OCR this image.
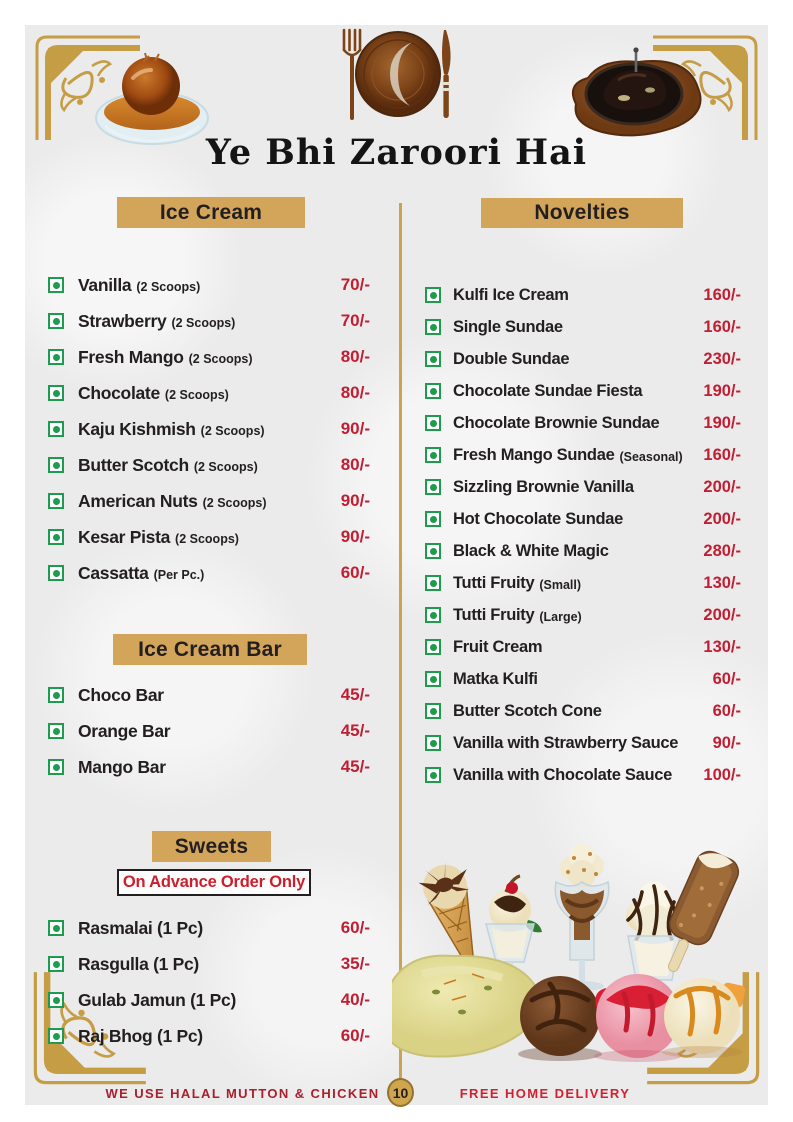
Ye Bhi Zaroori Hai
Ice Cream
Vanilla (2 Scoops)	70/-
Strawberry (2 Scoops)	70/-
Fresh Mango (2 Scoops)	80/-
Chocolate (2 Scoops)	80/-
Kaju Kishmish (2 Scoops)	90/-
Butter Scotch (2 Scoops)	80/-
American Nuts (2 Scoops)	90/-
Kesar Pista (2 Scoops)	90/-
Cassatta (Per Pc.)	60/-
Ice Cream Bar
Choco Bar	45/-
Orange Bar	45/-
Mango Bar	45/-
Sweets
On Advance Order Only
Rasmalai (1 Pc)	60/-
Rasgulla (1 Pc)	35/-
Gulab Jamun (1 Pc)	40/-
Raj Bhog (1 Pc)	60/-
Novelties
Kulfi Ice Cream	160/-
Single Sundae	160/-
Double Sundae	230/-
Chocolate Sundae Fiesta	190/-
Chocolate Brownie Sundae	190/-
Fresh Mango Sundae (Seasonal) 160/-
Sizzling Brownie Vanilla	200/-
Hot Chocolate Sundae	200/-
Black & White Magic	280/-
Tutti Fruity (Small)	130/-
Tutti Fruity (Large)	200/-
Fruit Cream	130/-
Matka Kulfi	60/-
Butter Scotch Cone	60/-
Vanilla with Strawberry Sauce 90/-
Vanilla with Chocolate Sauce 100/-
WE USE HALAL MUTTON & CHICKEN 10	FREE HOME DELIVERY
